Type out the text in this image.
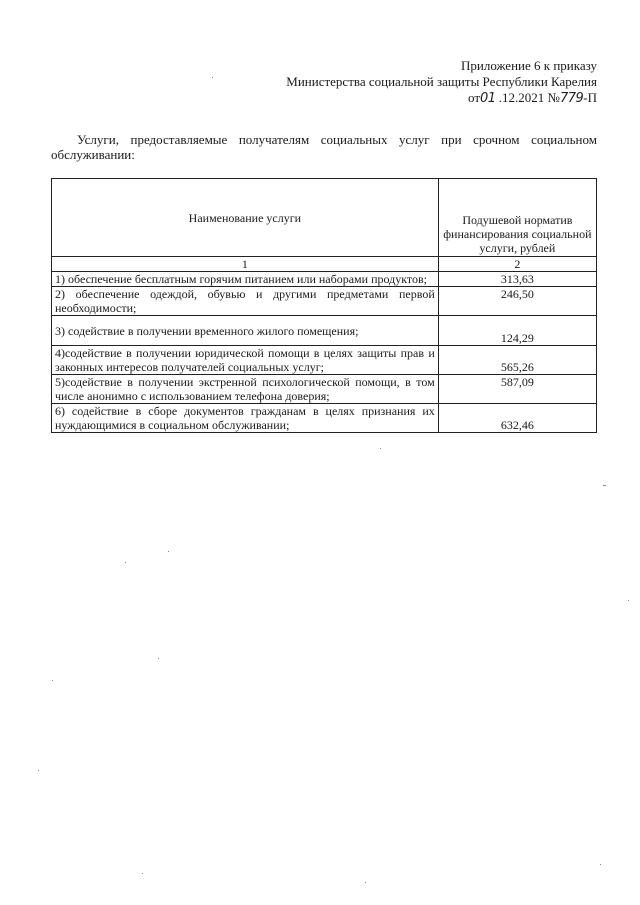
Приложение 6 к приказу
Министерства социальной защиты Республики Карелия
от01 .12.2021 №779-П
Услуги, предоставляемые получателям социальных услуг при срочном социальном обслуживании:
Наименование услуги	Подушевой норматив финансирования социальной услуги, рублей
1	2
1) обеспечение бесплатным горячим питанием или наборами продуктов;	313,63
2) обеспечение одеждой, обувью и другими предметами первой необходимости;	246,50
3) содействие в получении временного жилого помещения;	124,29
4)содействие в получении юридической помощи в целях защиты прав и законных интересов получателей социальных услуг;	565,26
5)содействие в получении экстренной психологической помощи, в том числе анонимно с использованием телефона доверия;	587,09
6) содействие в сборе документов гражданам в целях признания их нуждающимися в социальном обслуживании;	632,46
